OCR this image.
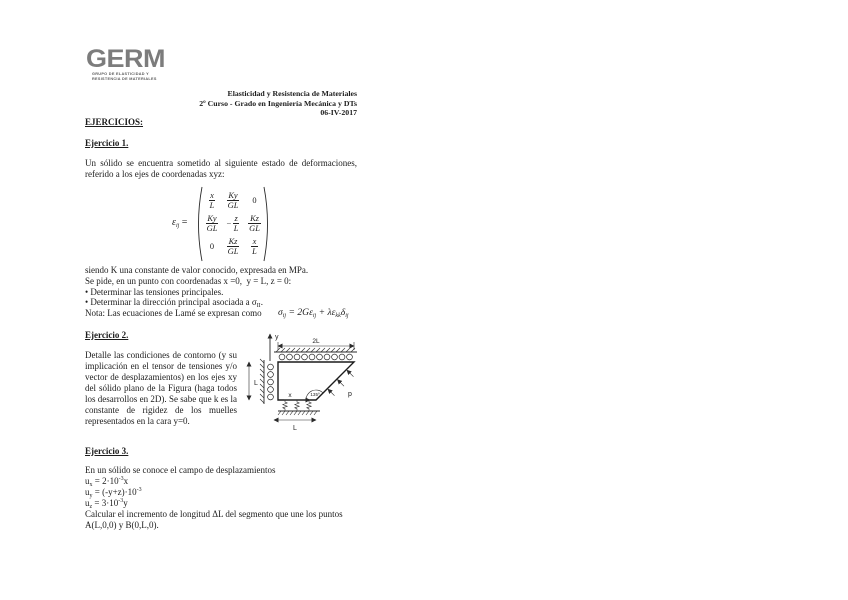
GERM
GRUPO DE ELASTICIDAD Y
RESISTENCIA DE MATERIALES
Elasticidad y Resistencia de Materiales
2º Curso - Grado en Ingeniería Mecánica y DTs
06-IV-2017
EJERCICIOS:
Ejercicio 1.
Un sólido se encuentra sometido al siguiente estado de deformaciones,
referido a los ejes de coordenadas xyz:
$\varepsilon_{ij}$ =
$\frac{x}{L} \frac{Ky}{GL} 0$
$\frac{Ky}{GL} - \frac{z}{L} \frac{Kz}{GL}$
$0 \frac{Kz}{GL} \frac{x}{L}$
siendo K una constante de valor conocido, expresada en MPa.
Se pide, en un punto con coordenadas x =0,  y = L, z = 0:
• Determinar las tensiones principales.
• Determinar la dirección principal asociada a $\sigma_{II}$.
Nota: Las ecuaciones de Lamé se expresan como $\sigma_{ij} = 2G\varepsilon_{ij} + \lambda\varepsilon_{kk}\delta_{ij}$
Ejercicio 2.
Detalle las condiciones de contorno (y su
implicación en el tensor de tensiones y/o
vector de desplazamientos) en los ejes xy
del sólido plano de la Figura (haga todos
los desarrollos en 2D). Se sabe que k es la
constante de rigidez de los muelles
representados en la cara y=0.
y
2L
L
x	135º	p
L
Ejercicio 3.
En un sólido se conoce el campo de desplazamientos
$u_x = 2\cdot 10^{-3}x$
$u_y = (-y+z)\cdot 10^{-3}$
$u_z = 3\cdot 10^{-3}y$
Calcular el incremento de longitud ΔL del segmento que une los puntos
A(L,0,0) y B(0,L,0).
